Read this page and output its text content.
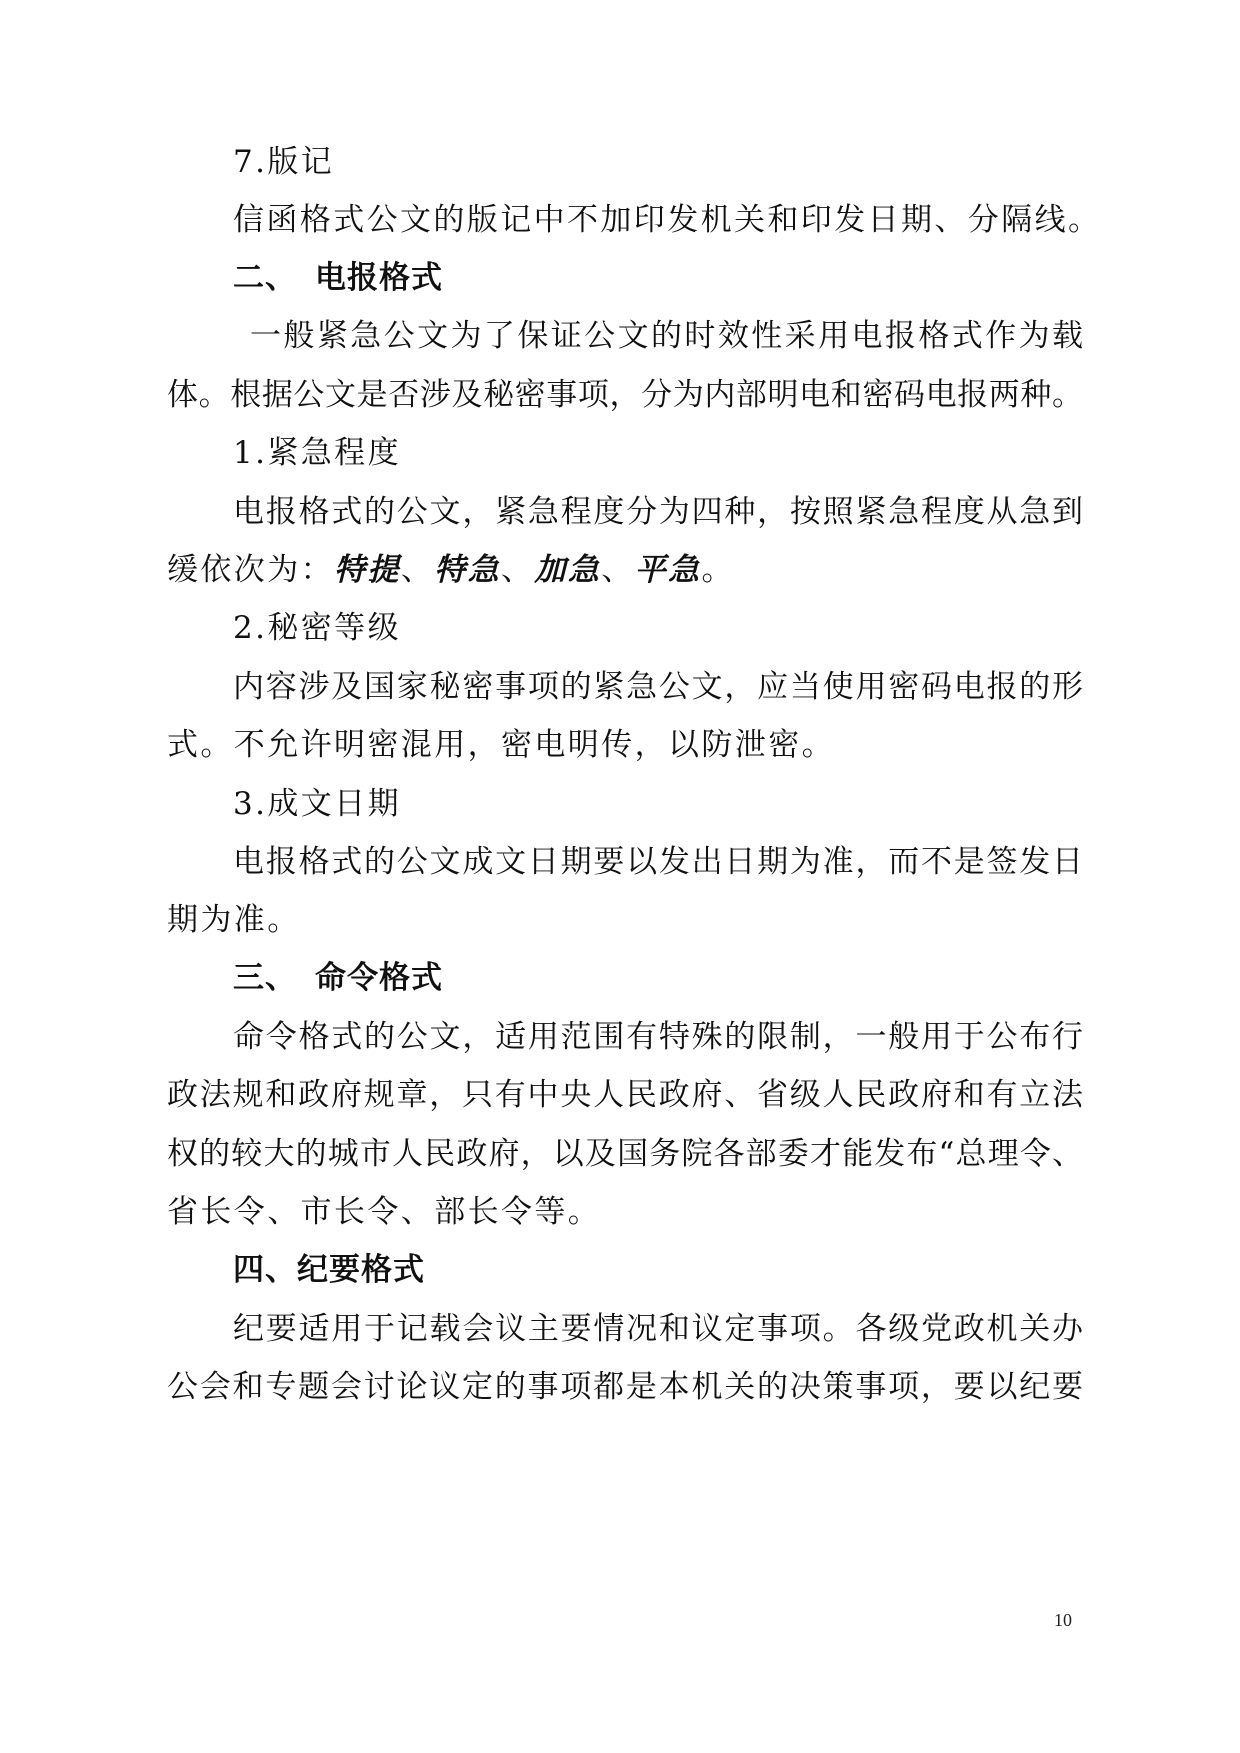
7.版记
信函格式公文的版记中不加印发机关和印发日期、分隔线。
二、 电报格式
一般紧急公文为了保证公文的时效性采用电报格式作为载
体。根据公文是否涉及秘密事项，分为内部明电和密码电报两种。
1.紧急程度
电报格式的公文，紧急程度分为四种，按照紧急程度从急到
缓依次为：特提、特急、加急、平急。
2.秘密等级
内容涉及国家秘密事项的紧急公文，应当使用密码电报的形
式。不允许明密混用，密电明传，以防泄密。
3.成文日期
电报格式的公文成文日期要以发出日期为准，而不是签发日
期为准。
三、 命令格式
命令格式的公文，适用范围有特殊的限制，一般用于公布行
政法规和政府规章，只有中央人民政府、省级人民政府和有立法
权的较大的城市人民政府，以及国务院各部委才能发布“总理令、
省长令、市长令、部长令等。
四、纪要格式
纪要适用于记载会议主要情况和议定事项。各级党政机关办
公会和专题会讨论议定的事项都是本机关的决策事项，要以纪要
10
